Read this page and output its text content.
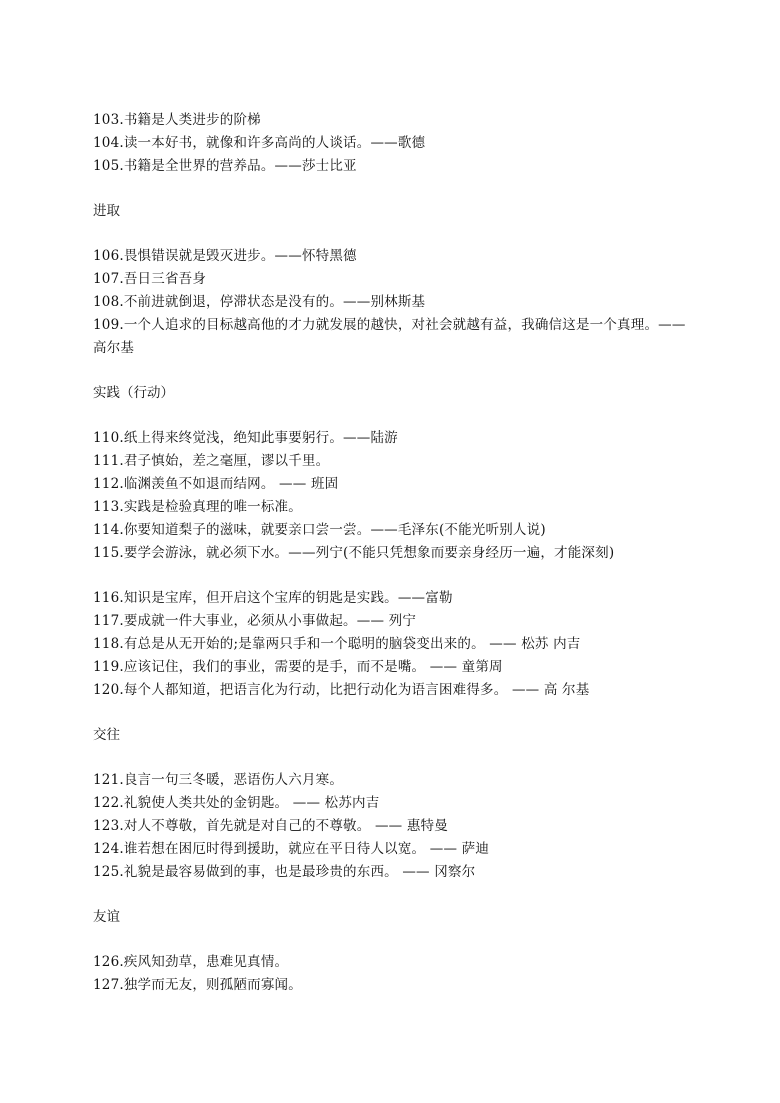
103.书籍是人类进步的阶梯
104.读一本好书，就像和许多高尚的人谈话。——歌德
105.书籍是全世界的营养品。——莎士比亚
进取
106.畏惧错误就是毁灭进步。——怀特黑德
107.吾日三省吾身
108.不前进就倒退，停滞状态是没有的。——别林斯基
109.一个人追求的目标越高他的才力就发展的越快，对社会就越有益，我确信这是一个真理。——
高尔基
实践（行动）
110.纸上得来终觉浅，绝知此事要躬行。——陆游
111.君子慎始，差之毫厘，谬以千里。
112.临渊羡鱼不如退而结网。 —— 班固
113.实践是检验真理的唯一标准。
114.你要知道梨子的滋味，就要亲口尝一尝。——毛泽东(不能光听别人说)
115.要学会游泳，就必须下水。——列宁(不能只凭想象而要亲身经历一遍，才能深刻)
116.知识是宝库，但开启这个宝库的钥匙是实践。——富勒
117.要成就一件大事业，必须从小事做起。—— 列宁
118.有总是从无开始的;是靠两只手和一个聪明的脑袋变出来的。 —— 松苏 内吉
119.应该记住，我们的事业，需要的是手，而不是嘴。 —— 童第周
120.每个人都知道，把语言化为行动，比把行动化为语言困难得多。 —— 高 尔基
交往
121.良言一句三冬暖，恶语伤人六月寒。
122.礼貌使人类共处的金钥匙。 —— 松苏内吉
123.对人不尊敬，首先就是对自己的不尊敬。 —— 惠特曼
124.谁若想在困厄时得到援助，就应在平日待人以宽。 —— 萨迪
125.礼貌是最容易做到的事，也是最珍贵的东西。 —— 冈察尔
友谊
126.疾风知劲草，患难见真情。
127.独学而无友，则孤陋而寡闻。
